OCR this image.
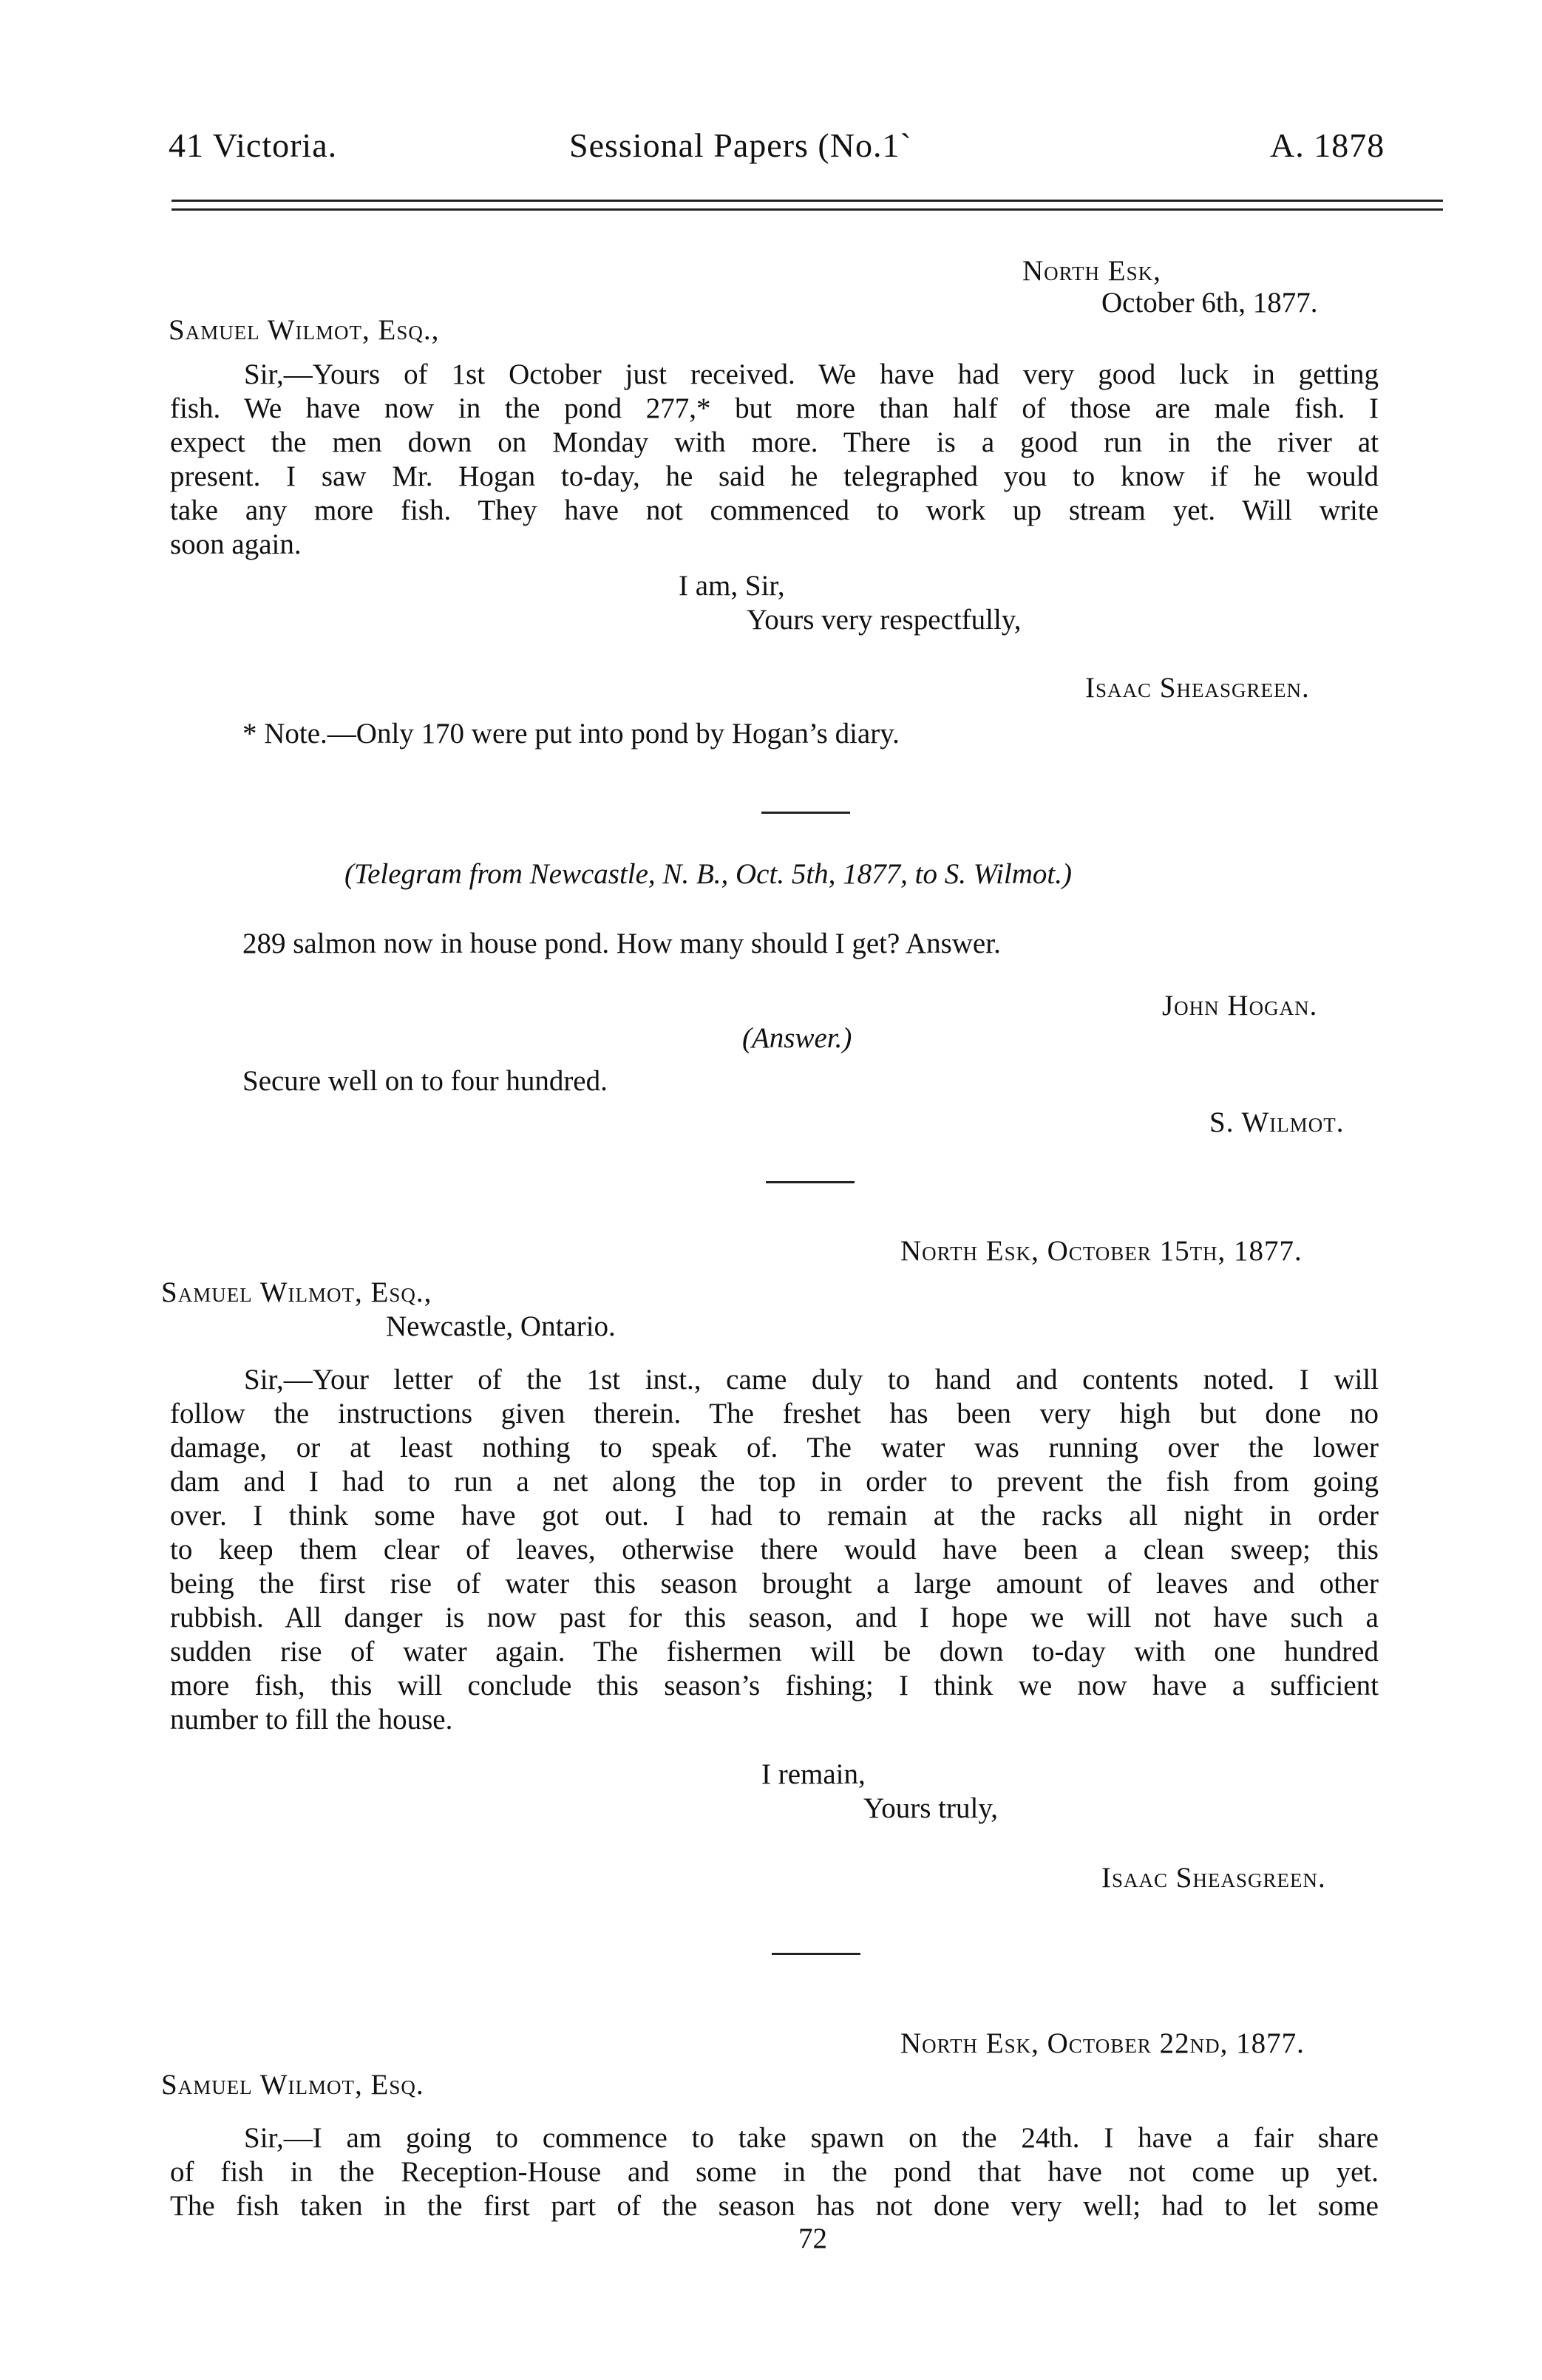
41 Victoria.	Sessional Papers (No.1`	A. 1878
North Esk,
October 6th, 1877.
Samuel Wilmot, Esq.,
Sir,—Yours of 1st October just received. We have had very good luck in getting
fish. We have now in the pond 277,* but more than half of those are male fish. I
expect the men down on Monday with more. There is a good run in the river at
present. I saw Mr. Hogan to-day, he said he telegraphed you to know if he would
take any more fish. They have not commenced to work up stream yet. Will write
soon again.
I am, Sir,
Yours very respectfully,
Isaac Sheasgreen.
* Note.—Only 170 were put into pond by Hogan’s diary.
(Telegram from Newcastle, N. B., Oct. 5th, 1877, to S. Wilmot.)
289 salmon now in house pond. How many should I get? Answer.
John Hogan.
(Answer.)
Secure well on to four hundred.
S. Wilmot.
North Esk, October 15th, 1877.
Samuel Wilmot, Esq.,
Newcastle, Ontario.
Sir,—Your letter of the 1st inst., came duly to hand and contents noted. I will
follow the instructions given therein. The freshet has been very high but done no
damage, or at least nothing to speak of. The water was running over the lower
dam and I had to run a net along the top in order to prevent the fish from going
over. I think some have got out. I had to remain at the racks all night in order
to keep them clear of leaves, otherwise there would have been a clean sweep; this
being the first rise of water this season brought a large amount of leaves and other
rubbish. All danger is now past for this season, and I hope we will not have such a
sudden rise of water again. The fishermen will be down to-day with one hundred
more fish, this will conclude this season’s fishing; I think we now have a sufficient
number to fill the house.
I remain,
Yours truly,
Isaac Sheasgreen.
North Esk, October 22nd, 1877.
Samuel Wilmot, Esq.
Sir,—I am going to commence to take spawn on the 24th. I have a fair share
of fish in the Reception-House and some in the pond that have not come up yet.
The fish taken in the first part of the season has not done very well; had to let some
72
